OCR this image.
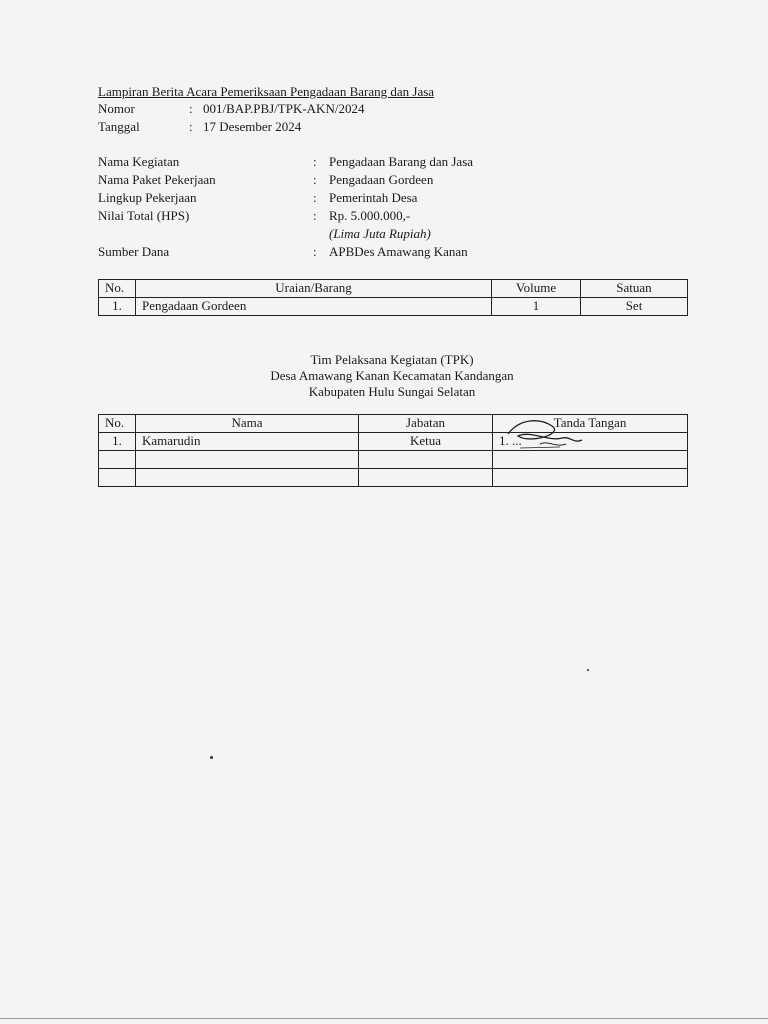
Lampiran Berita Acara Pemeriksaan Pengadaan Barang dan Jasa
Nomor	: 001/BAP.PBJ/TPK-AKN/2024
Tanggal	: 17 Desember 2024
Nama Kegiatan	: Pengadaan Barang dan Jasa
Nama Paket Pekerjaan	: Pengadaan Gordeen
Lingkup Pekerjaan	: Pemerintah Desa
Nilai Total (HPS)	: Rp. 5.000.000,-
(Lima Juta Rupiah)
Sumber Dana	: APBDes Amawang Kanan
No.	Uraian/Barang	Volume	Satuan
1.	Pengadaan Gordeen	1	Set
Tim Pelaksana Kegiatan (TPK)
Desa Amawang Kanan Kecamatan Kandangan
Kabupaten Hulu Sungai Selatan
No.	Nama	Jabatan	Tanda Tangan
1.	Kamarudin	Ketua	1. ...
